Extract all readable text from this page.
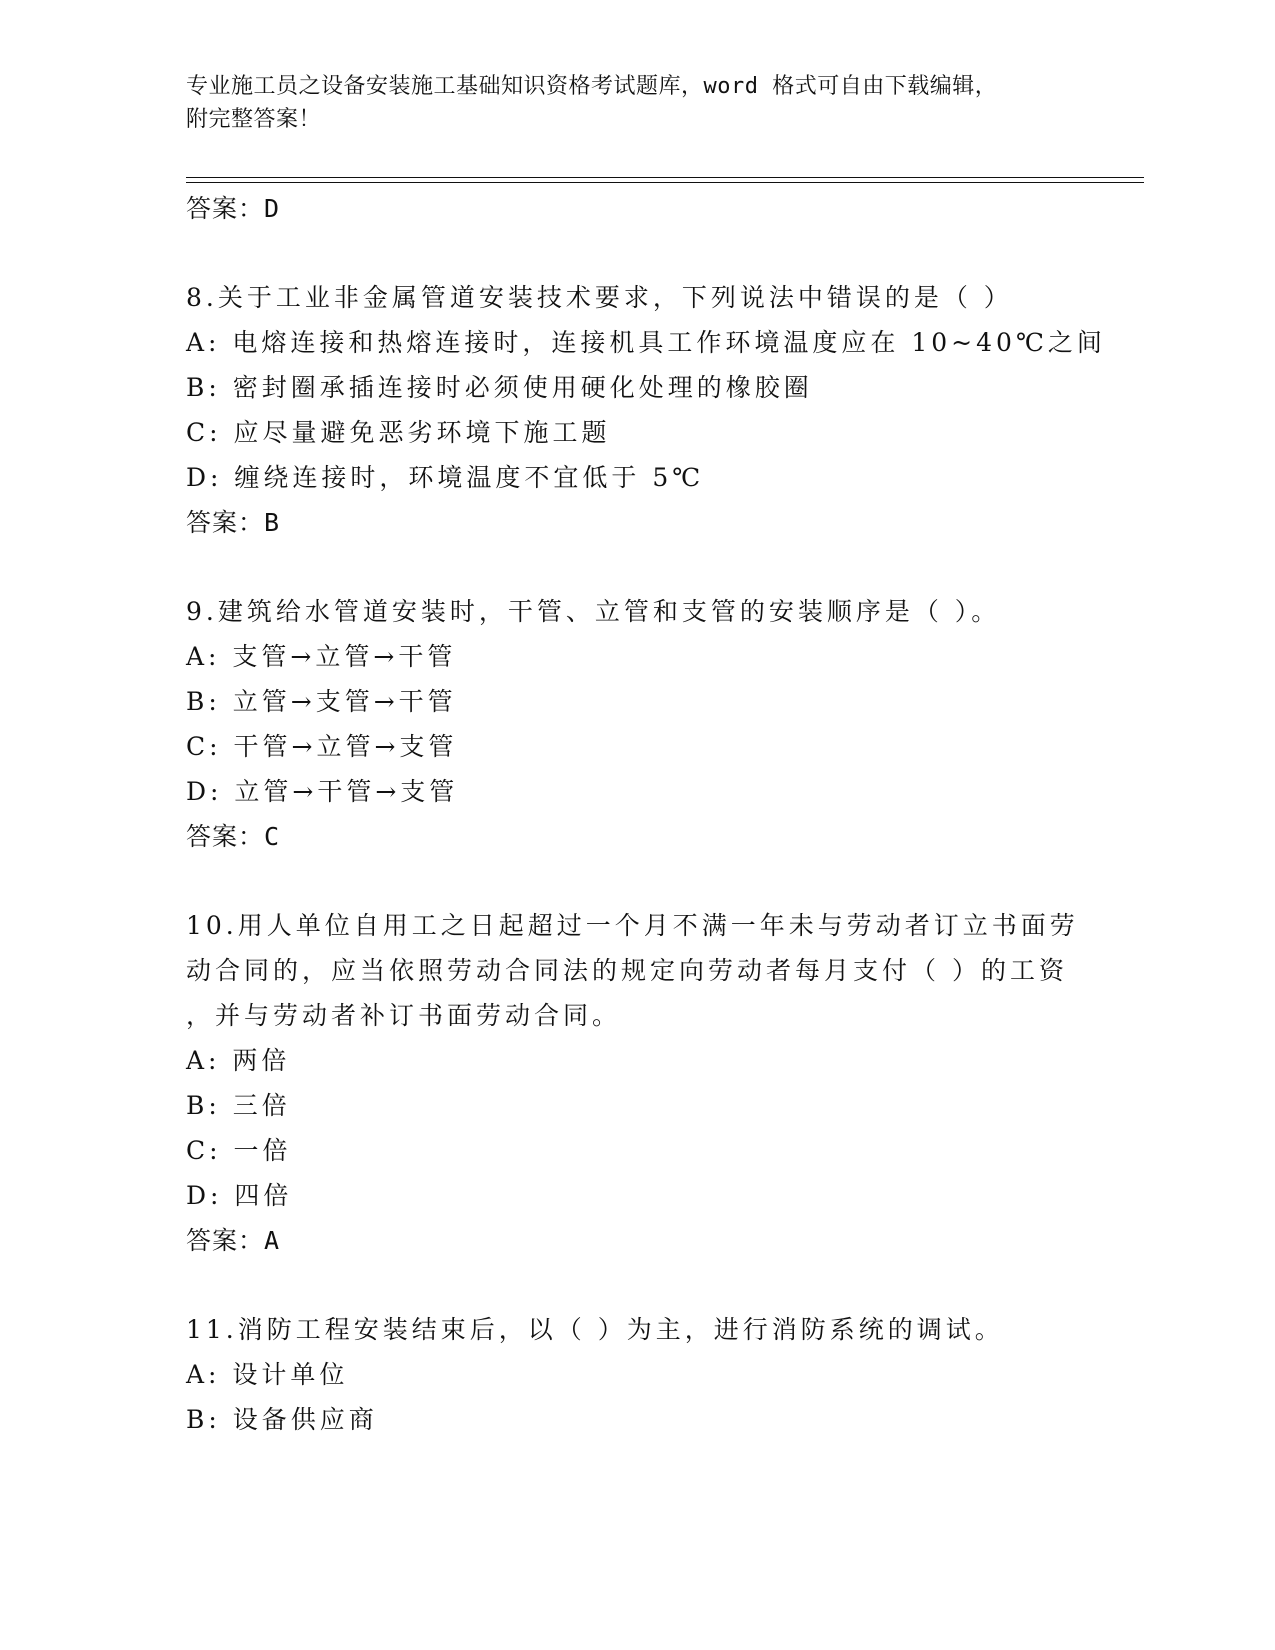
专业施工员之设备安装施工基础知识资格考试题库，word 格式可自由下载编辑，
附完整答案！
答案：D
8.关于工业非金属管道安装技术要求，下列说法中错误的是（ ）
A: 电熔连接和热熔连接时，连接机具工作环境温度应在 10~40℃之间
B: 密封圈承插连接时必须使用硬化处理的橡胶圈
C: 应尽量避免恶劣环境下施工题
D: 缠绕连接时，环境温度不宜低于 5℃
答案：B
9.建筑给水管道安装时，干管、立管和支管的安装顺序是（ ）。
A: 支管→立管→干管
B: 立管→支管→干管
C: 干管→立管→支管
D: 立管→干管→支管
答案：C
10.用人单位自用工之日起超过一个月不满一年未与劳动者订立书面劳
动合同的，应当依照劳动合同法的规定向劳动者每月支付（ ）的工资
，并与劳动者补订书面劳动合同。
A: 两倍
B: 三倍
C: 一倍
D: 四倍
答案：A
11.消防工程安装结束后，以（ ）为主，进行消防系统的调试。
A: 设计单位
B: 设备供应商
